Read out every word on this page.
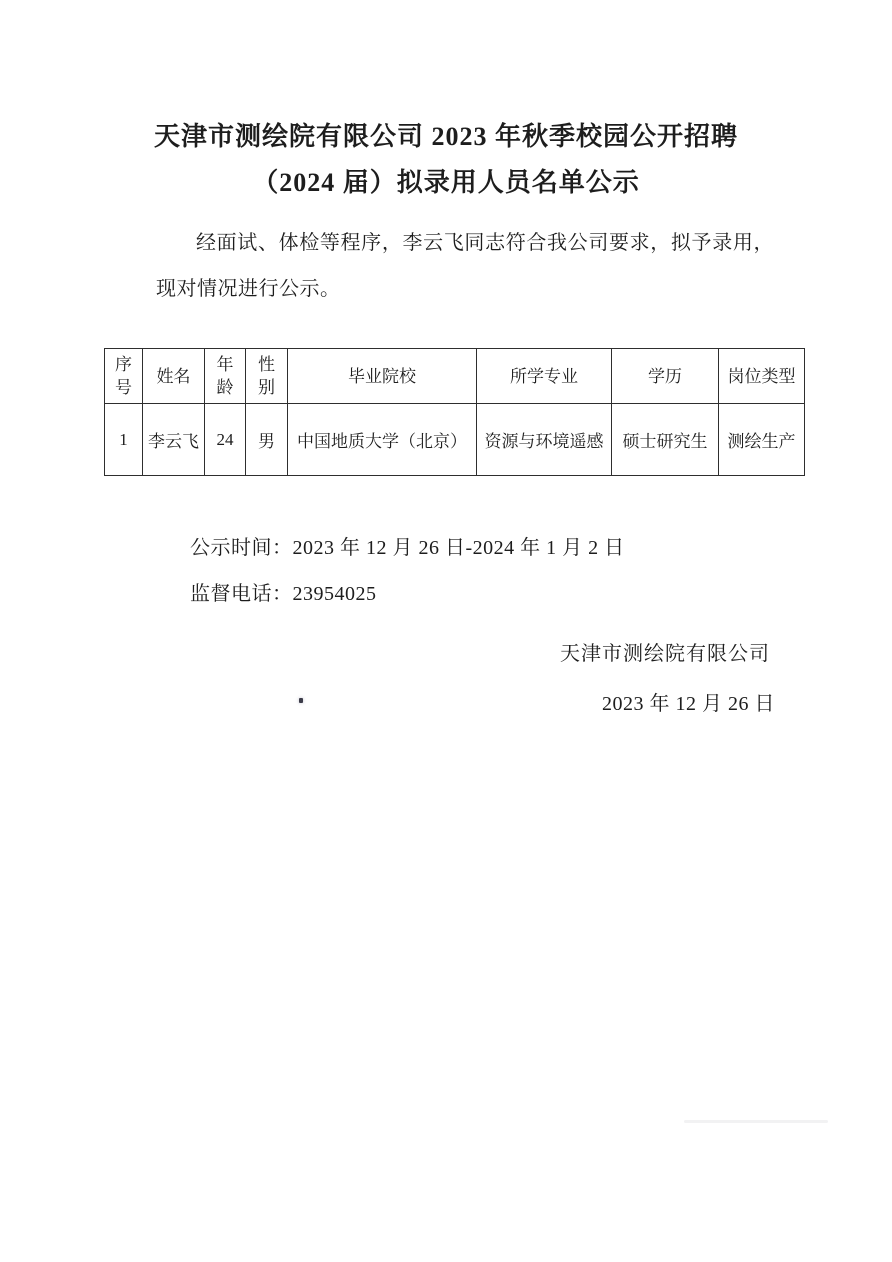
天津市测绘院有限公司 2023 年秋季校园公开招聘
（2024 届）拟录用人员名单公示

经面试、体检等程序，李云飞同志符合我公司要求，拟予录用，现对情况进行公示。

序号	姓名	年龄	性别	毕业院校	所学专业	学历	岗位类型
1	李云飞	24	男	中国地质大学（北京）	资源与环境遥感	硕士研究生	测绘生产
公示时间：2023 年 12 月 26 日-2024 年 1 月 2 日
监督电话：23954025
天津市测绘院有限公司
2023 年 12 月 26 日
